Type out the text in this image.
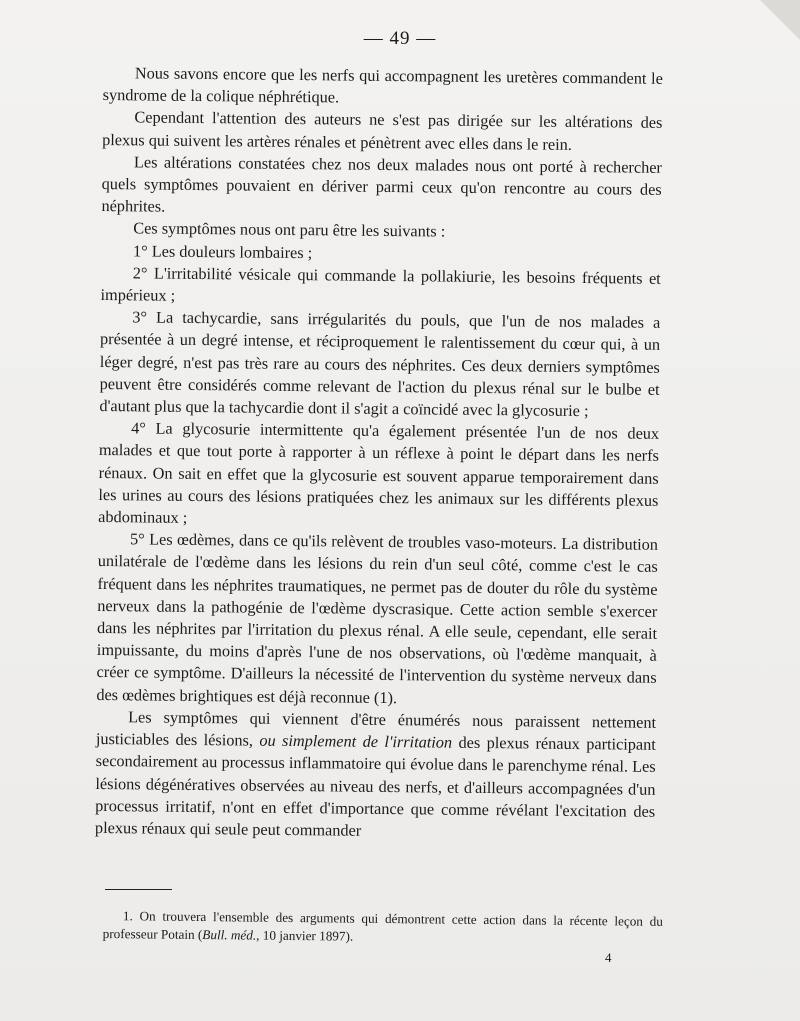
— 49 —

Nous savons encore que les nerfs qui accompagnent les uretères commandent le syndrome de la colique néphrétique.

Cependant l'attention des auteurs ne s'est pas dirigée sur les altérations des plexus qui suivent les artères rénales et pénètrent avec elles dans le rein.

Les altérations constatées chez nos deux malades nous ont porté à rechercher quels symptômes pouvaient en dériver parmi ceux qu'on rencontre au cours des néphrites.

Ces symptômes nous ont paru être les suivants :

1° Les douleurs lombaires ;

2° L'irritabilité vésicale qui commande la pollakiurie, les besoins fréquents et impérieux ;

3° La tachycardie, sans irrégularités du pouls, que l'un de nos malades a présentée à un degré intense, et réciproquement le ralentissement du cœur qui, à un léger degré, n'est pas très rare au cours des néphrites. Ces deux derniers symptômes peuvent être considérés comme relevant de l'action du plexus rénal sur le bulbe et d'autant plus que la tachycardie dont il s'agit a coïncidé avec la glycosurie ;

4° La glycosurie intermittente qu'a également présentée l'un de nos deux malades et que tout porte à rapporter à un réflexe à point le départ dans les nerfs rénaux. On sait en effet que la glycosurie est souvent apparue temporairement dans les urines au cours des lésions pratiquées chez les animaux sur les différents plexus abdominaux ;

5° Les œdèmes, dans ce qu'ils relèvent de troubles vaso-moteurs. La distribution unilatérale de l'œdème dans les lésions du rein d'un seul côté, comme c'est le cas fréquent dans les néphrites traumatiques, ne permet pas de douter du rôle du système nerveux dans la pathogénie de l'œdème dyscrasique. Cette action semble s'exercer dans les néphrites par l'irritation du plexus rénal. A elle seule, cependant, elle serait impuissante, du moins d'après l'une de nos observations, où l'œdème manquait, à créer ce symptôme. D'ailleurs la nécessité de l'intervention du système nerveux dans des œdèmes brightiques est déjà reconnue (1).

Les symptômes qui viennent d'être énumérés nous paraissent nettement justiciables des lésions, ou simplement de l'irritation des plexus rénaux participant secondairement au processus inflammatoire qui évolue dans le parenchyme rénal. Les lésions dégénératives observées au niveau des nerfs, et d'ailleurs accompagnées d'un processus irritatif, n'ont en effet d'importance que comme révélant l'excitation des plexus rénaux qui seule peut commander

1. On trouvera l'ensemble des arguments qui démontrent cette action dans la récente leçon du professeur Potain (Bull. méd., 10 janvier 1897).

4
